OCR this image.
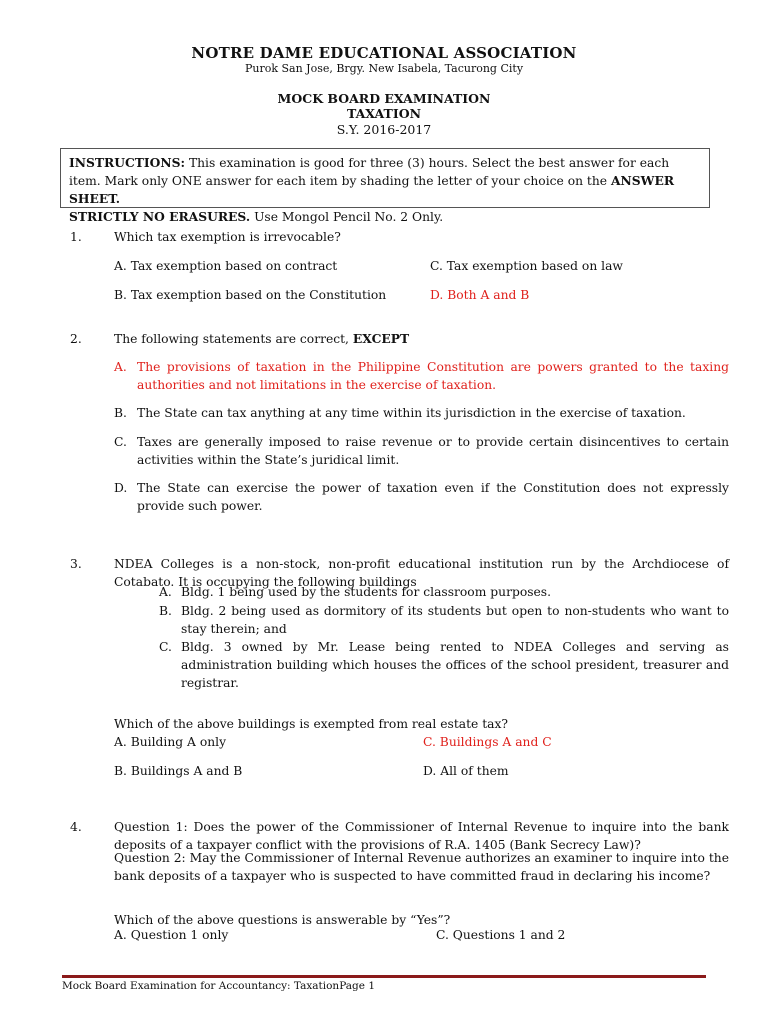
NOTRE DAME EDUCATIONAL ASSOCIATION
Purok San Jose, Brgy. New Isabela, Tacurong City
MOCK BOARD EXAMINATION
TAXATION
S.Y. 2016-2017
INSTRUCTIONS: This examination is good for three (3) hours. Select the best answer for each item. Mark only ONE answer for each item by shading the letter of your choice on the ANSWER SHEET.
STRICTLY NO ERASURES. Use Mongol Pencil No. 2 Only.
1.	Which tax exemption is irrevocable?
A. Tax exemption based on contract	C. Tax exemption based on law
B. Tax exemption based on the Constitution	D. Both A and B
2.	The following statements are correct, EXCEPT
A. The provisions of taxation in the Philippine Constitution are powers granted to the taxing authorities and not limitations in the exercise of taxation.
B. The State can tax anything at any time within its jurisdiction in the exercise of taxation.
C. Taxes are generally imposed to raise revenue or to provide certain disincentives to certain activities within the State’s juridical limit.
D. The State can exercise the power of taxation even if the Constitution does not expressly provide such power.
3.	NDEA Colleges is a non-stock, non-profit educational institution run by the Archdiocese of Cotabato. It is occupying the following buildings
A. Bldg. 1 being used by the students for classroom purposes.
B. Bldg. 2 being used as dormitory of its students but open to non-students who want to stay therein; and
C. Bldg. 3 owned by Mr. Lease being rented to NDEA Colleges and serving as administration building which houses the offices of the school president, treasurer and registrar.
Which of the above buildings is exempted from real estate tax?
A. Building A only	C. Buildings A and C
B. Buildings A and B	D. All of them
4.	Question 1: Does the power of the Commissioner of Internal Revenue to inquire into the bank deposits of a taxpayer conflict with the provisions of R.A. 1405 (Bank Secrecy Law)?
Question 2: May the Commissioner of Internal Revenue authorizes an examiner to inquire into the bank deposits of a taxpayer who is suspected to have committed fraud in declaring his income?
Which of the above questions is answerable by “Yes”?
A. Question 1 only	C. Questions 1 and 2
Mock Board Examination for Accountancy: TaxationPage 1
